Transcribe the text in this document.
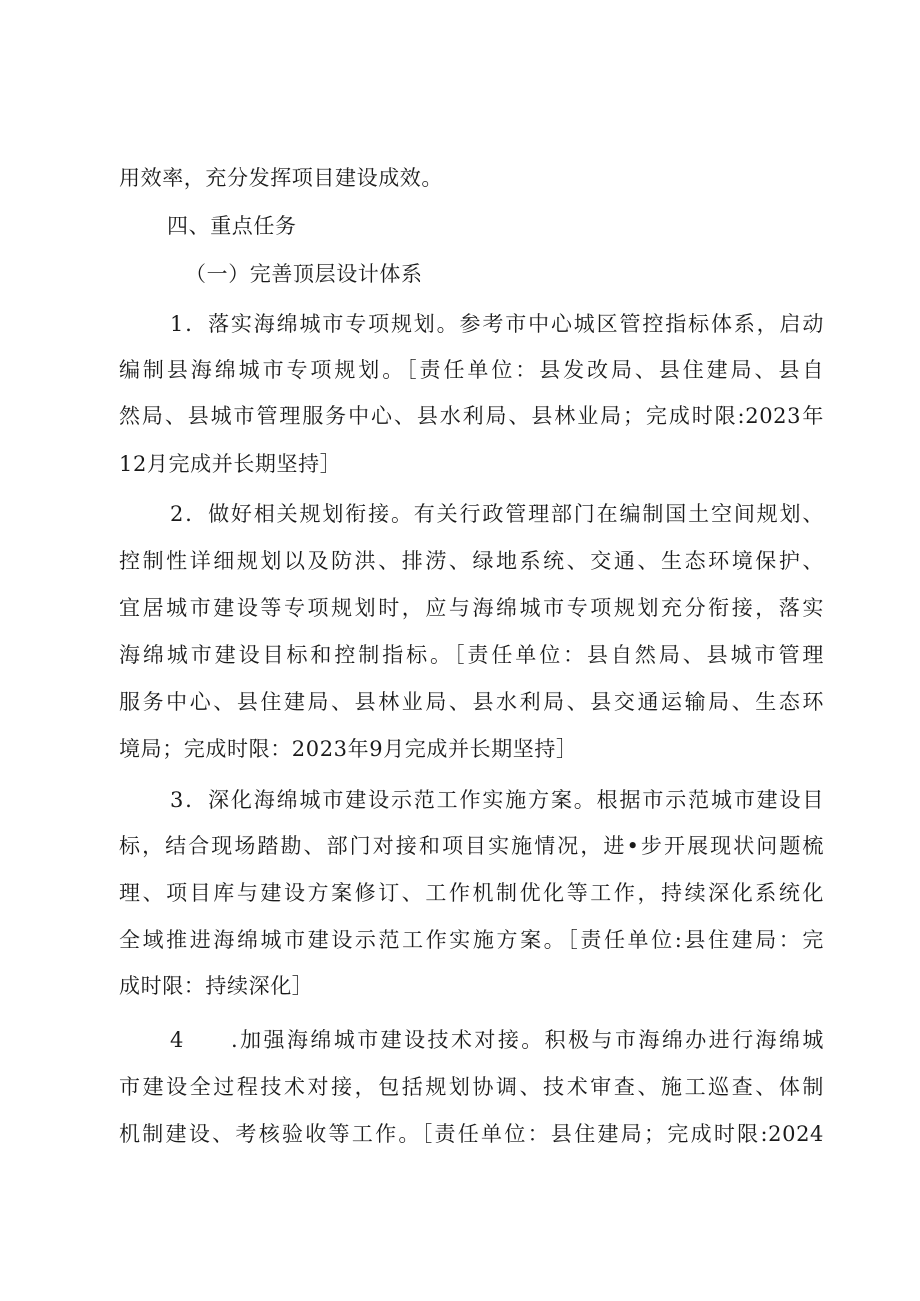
用效率，充分发挥项目建设成效。
四、重点任务
（一）完善顶层设计体系
1．落实海绵城市专项规划。参考市中心城区管控指标体系，启动
编制县海绵城市专项规划。［责任单位：县发改局、县住建局、县自
然局、县城市管理服务中心、县水利局、县林业局；完成时限:2023年
12月完成并长期坚持］
2．做好相关规划衔接。有关行政管理部门在编制国土空间规划、
控制性详细规划以及防洪、排涝、绿地系统、交通、生态环境保护、
宜居城市建设等专项规划时，应与海绵城市专项规划充分衔接，落实
海绵城市建设目标和控制指标。［责任单位：县自然局、县城市管理
服务中心、县住建局、县林业局、县水利局、县交通运输局、生态环
境局；完成时限：2023年9月完成并长期坚持］
3．深化海绵城市建设示范工作实施方案。根据市示范城市建设目
标，结合现场踏勘、部门对接和项目实施情况，进•步开展现状问题梳
理、项目库与建设方案修订、工作机制优化等工作，持续深化系统化
全域推进海绵城市建设示范工作实施方案。［责任单位:县住建局：完
成时限：持续深化］
4 .加强海绵城市建设技术对接。积极与市海绵办进行海绵城
市建设全过程技术对接，包括规划协调、技术审查、施工巡查、体制
机制建设、考核验收等工作。［责任单位：县住建局；完成时限:2024
